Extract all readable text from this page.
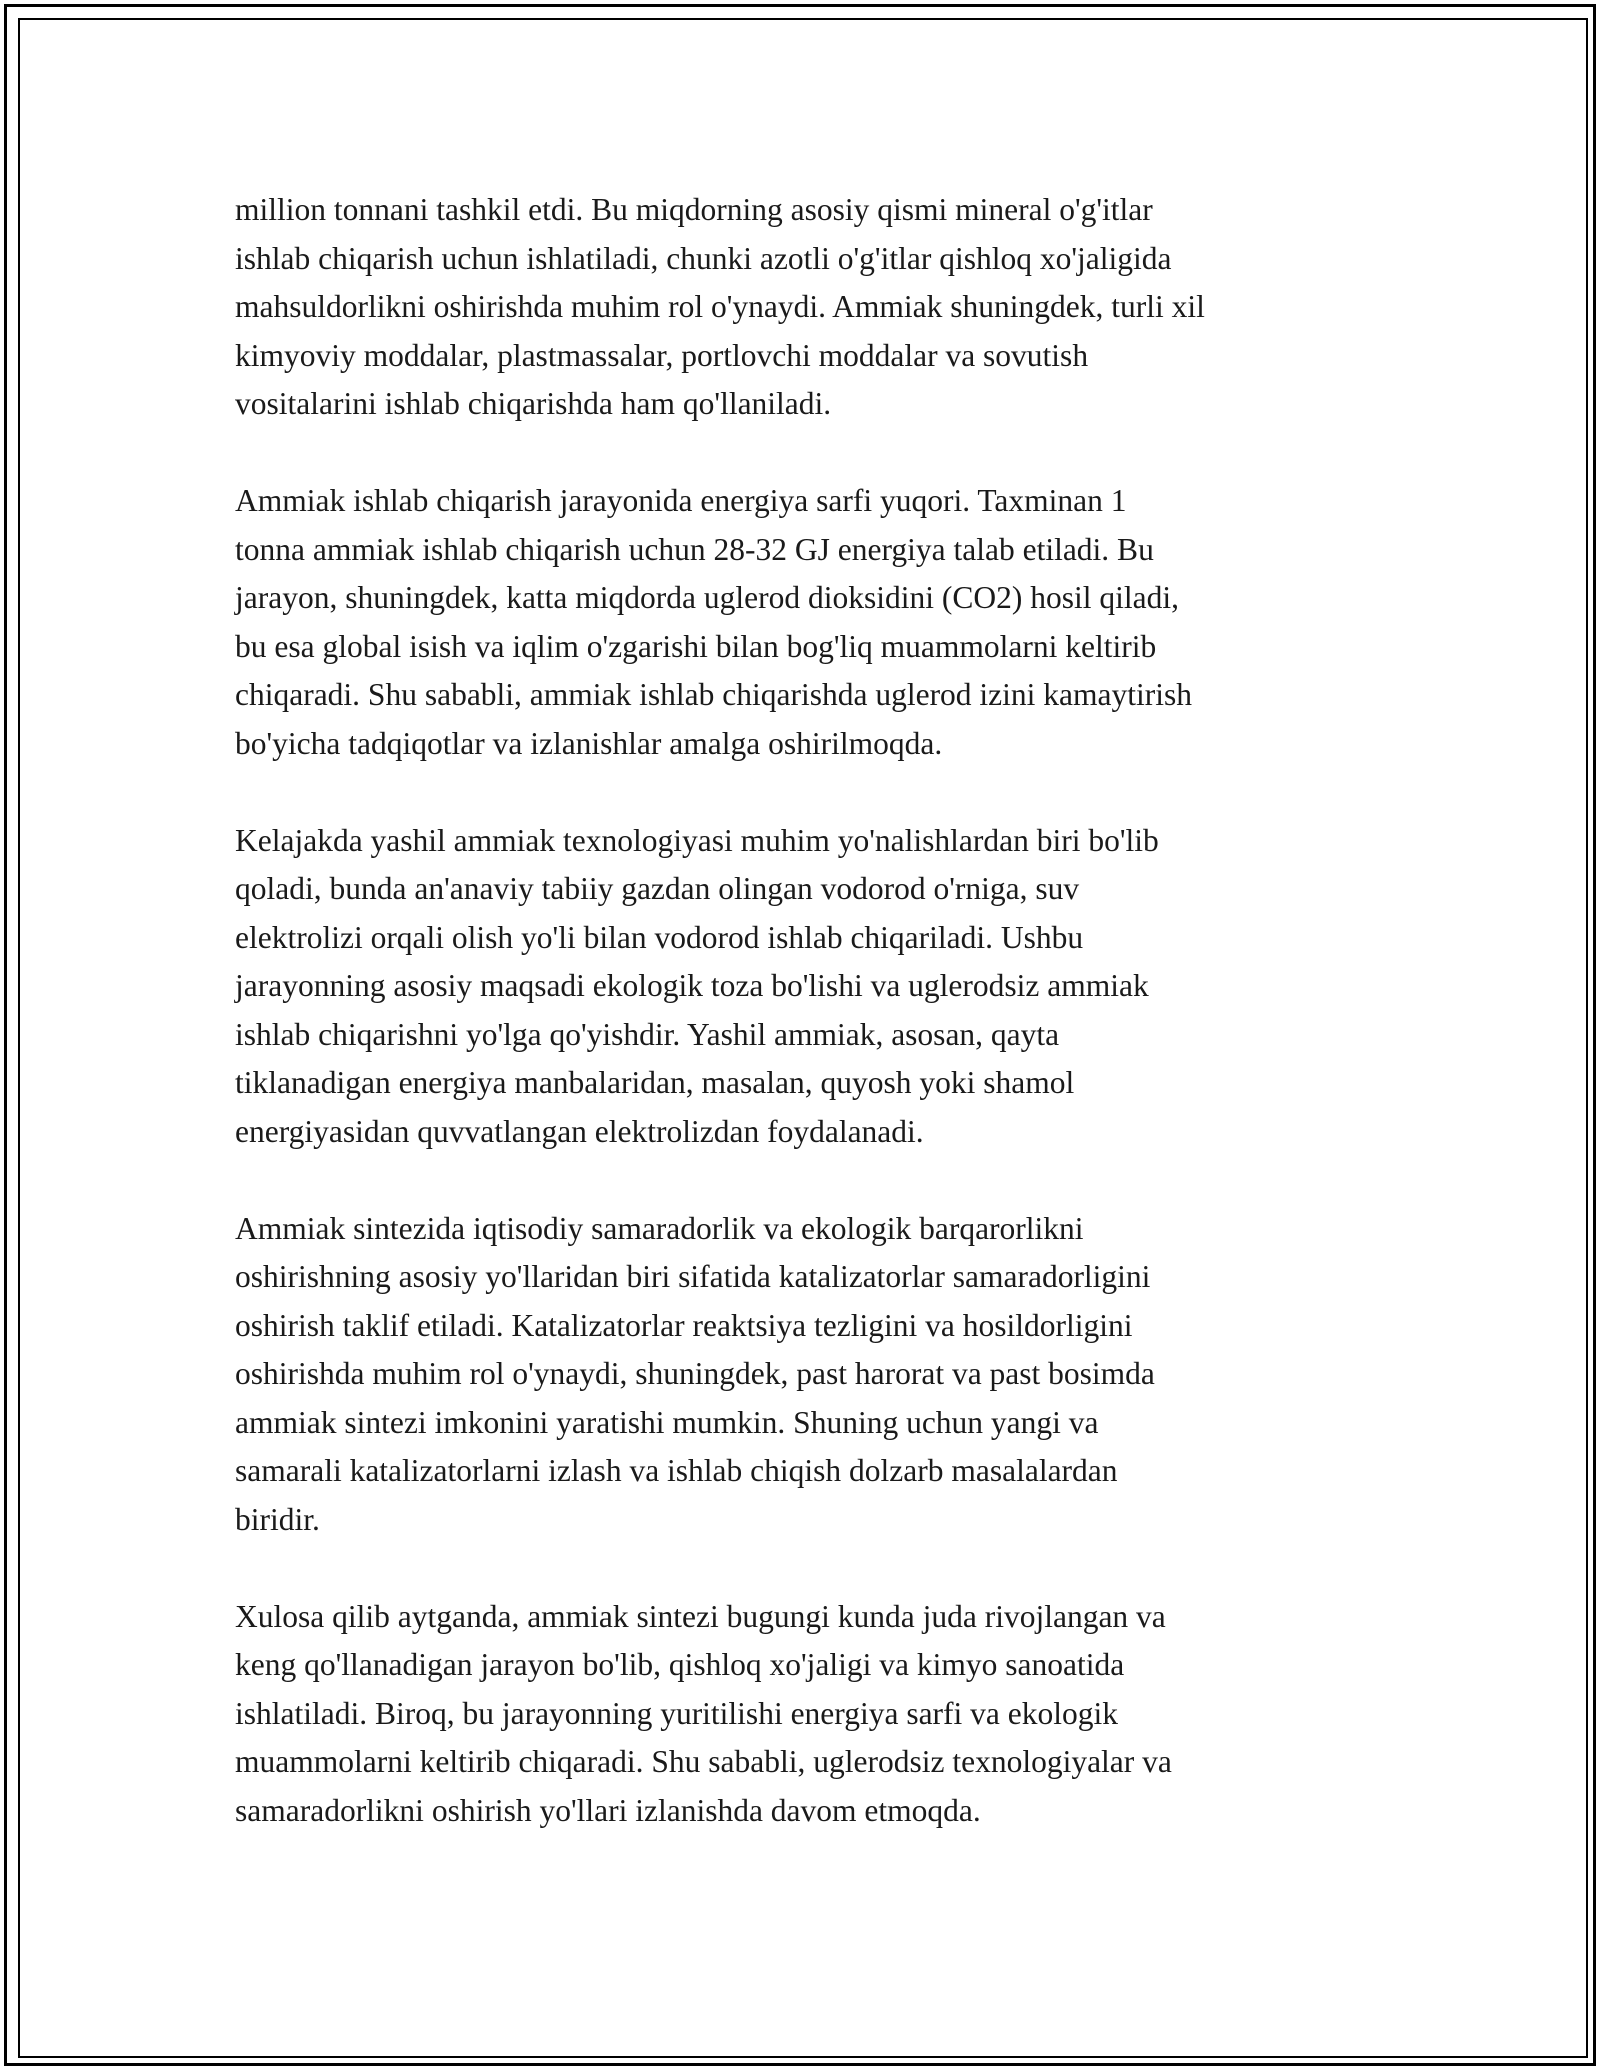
million tonnani tashkil etdi. Bu miqdorning asosiy qismi mineral o'g'itlar
ishlab chiqarish uchun ishlatiladi, chunki azotli o'g'itlar qishloq xo'jaligida
mahsuldorlikni oshirishda muhim rol o'ynaydi. Ammiak shuningdek, turli xil
kimyoviy moddalar, plastmassalar, portlovchi moddalar va sovutish
vositalarini ishlab chiqarishda ham qo'llaniladi.

Ammiak ishlab chiqarish jarayonida energiya sarfi yuqori. Taxminan 1
tonna ammiak ishlab chiqarish uchun 28-32 GJ energiya talab etiladi. Bu
jarayon, shuningdek, katta miqdorda uglerod dioksidini (CO2) hosil qiladi,
bu esa global isish va iqlim o'zgarishi bilan bog'liq muammolarni keltirib
chiqaradi. Shu sababli, ammiak ishlab chiqarishda uglerod izini kamaytirish
bo'yicha tadqiqotlar va izlanishlar amalga oshirilmoqda.

Kelajakda yashil ammiak texnologiyasi muhim yo'nalishlardan biri bo'lib
qoladi, bunda an'anaviy tabiiy gazdan olingan vodorod o'rniga, suv
elektrolizi orqali olish yo'li bilan vodorod ishlab chiqariladi. Ushbu
jarayonning asosiy maqsadi ekologik toza bo'lishi va uglerodsiz ammiak
ishlab chiqarishni yo'lga qo'yishdir. Yashil ammiak, asosan, qayta
tiklanadigan energiya manbalaridan, masalan, quyosh yoki shamol
energiyasidan quvvatlangan elektrolizdan foydalanadi.

Ammiak sintezida iqtisodiy samaradorlik va ekologik barqarorlikni
oshirishning asosiy yo'llaridan biri sifatida katalizatorlar samaradorligini
oshirish taklif etiladi. Katalizatorlar reaktsiya tezligini va hosildorligini
oshirishda muhim rol o'ynaydi, shuningdek, past harorat va past bosimda
ammiak sintezi imkonini yaratishi mumkin. Shuning uchun yangi va
samarali katalizatorlarni izlash va ishlab chiqish dolzarb masalalardan
biridir.

Xulosa qilib aytganda, ammiak sintezi bugungi kunda juda rivojlangan va
keng qo'llanadigan jarayon bo'lib, qishloq xo'jaligi va kimyo sanoatida
ishlatiladi. Biroq, bu jarayonning yuritilishi energiya sarfi va ekologik
muammolarni keltirib chiqaradi. Shu sababli, uglerodsiz texnologiyalar va
samaradorlikni oshirish yo'llari izlanishda davom etmoqda.
